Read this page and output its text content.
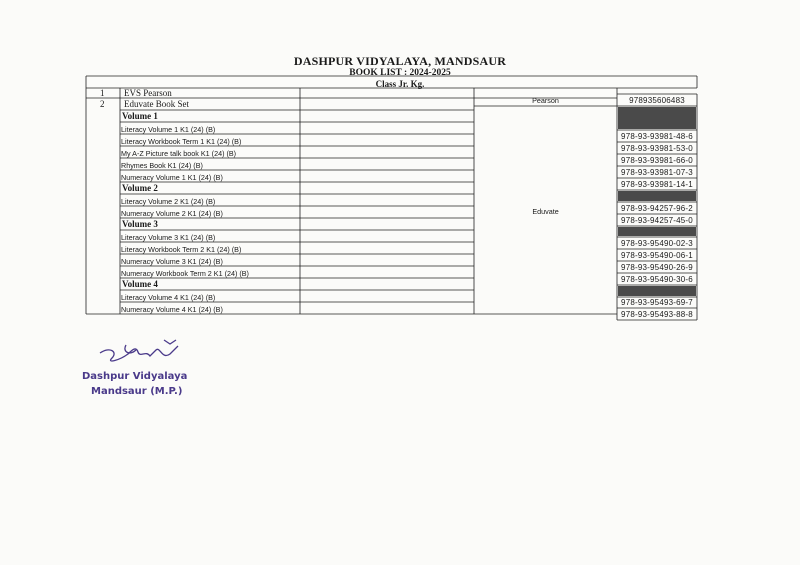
DASHPUR VIDYALAYA, MANDSAUR
BOOK LIST : 2024-2025
Class Jr. Kg.
1 EVS Pearson
2 Eduvate Book Set	Pearson	978935606483
Eduvate
Volume 1
Volume 2
Volume 3
Volume 4
Literacy Volume 1 K1 (24) (B)
Literacy Workbook Term 1 K1 (24) (B)
My A-Z Picture talk book K1 (24) (B)
Rhymes Book K1 (24) (B)
Numeracy Volume 1 K1 (24) (B)
Literacy Volume 2 K1 (24) (B)
Numeracy Volume 2 K1 (24) (B)
Literacy Volume 3 K1 (24) (B)
Literacy Workbook Term 2 K1 (24) (B)
Numeracy Volume 3 K1 (24) (B)
Numeracy Workbook Term 2 K1 (24) (B)
Literacy Volume 4 K1 (24) (B)
Numeracy Volume 4 K1 (24) (B)
978-93-93981-48-6
978-93-93981-53-0
978-93-93981-66-0
978-93-93981-07-3
978-93-93981-14-1
978-93-94257-96-2
978-93-94257-45-0
978-93-95490-02-3
978-93-95490-06-1
978-93-95490-26-9
978-93-95490-30-6
978-93-95493-69-7
978-93-95493-88-8
Dashpur Vidyalaya
Mandsaur (M.P.)
